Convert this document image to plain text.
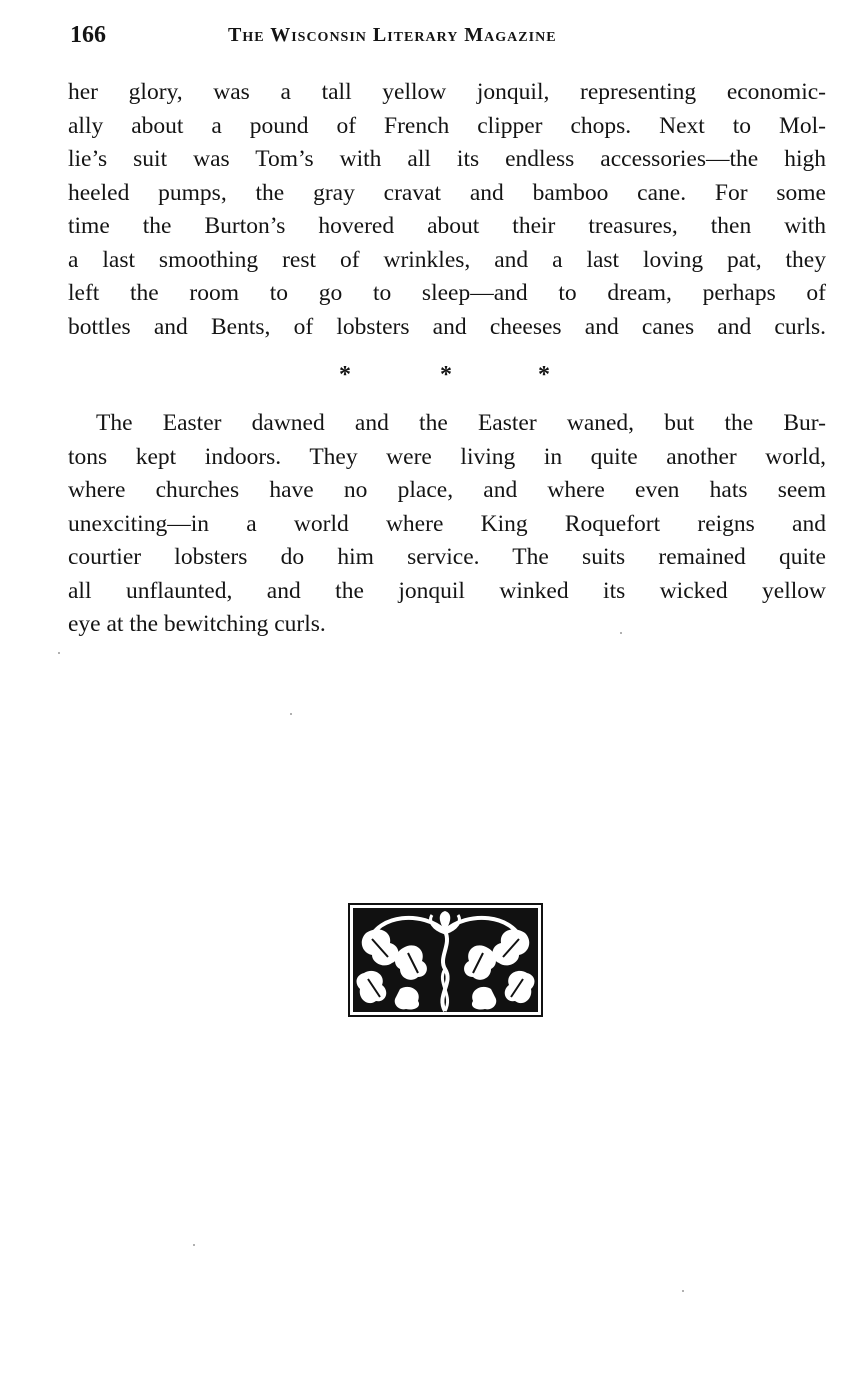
166	The Wisconsin Literary Magazine
her glory, was a tall yellow jonquil, representing economic-
ally about a pound of French clipper chops. Next to Mol-
lie’s suit was Tom’s with all its endless accessories—the high
heeled pumps, the gray cravat and bamboo cane. For some
time the Burton’s hovered about their treasures, then with
a last smoothing rest of wrinkles, and a last loving pat, they
left the room to go to sleep—and to dream, perhaps of
bottles and Bents, of lobsters and cheeses and canes and curls.
*	*	*
The Easter dawned and the Easter waned, but the Bur-
tons kept indoors. They were living in quite another world,
where churches have no place, and where even hats seem
unexciting—in a world where King Roquefort reigns and
courtier lobsters do him service. The suits remained quite
all unflaunted, and the jonquil winked its wicked yellow
eye at the bewitching curls.
